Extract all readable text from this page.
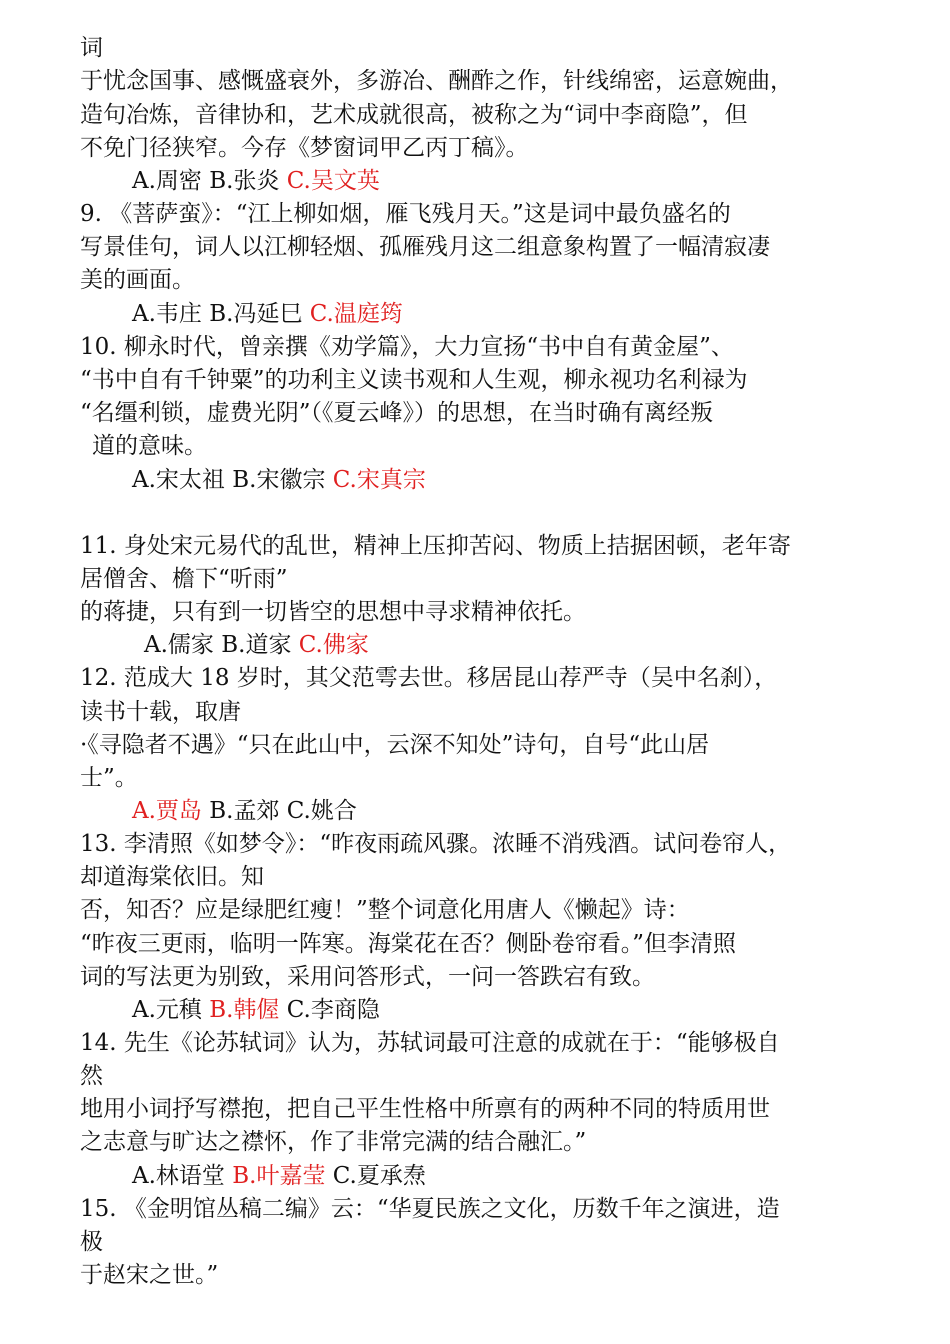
词
于忧念国事、感慨盛衰外，多游冶、酬酢之作，针线绵密，运意婉曲，
造句冶炼，音律协和，艺术成就很高，被称之为“词中李商隐”，但
不免门径狭窄。今存《梦窗词甲乙丙丁稿》。
A.周密 B.张炎 C.吴文英
9. 《菩萨蛮》：“江上柳如烟，雁飞残月天。”这是词中最负盛名的
写景佳句，词人以江柳轻烟、孤雁残月这二组意象构置了一幅清寂凄
美的画面。
A.韦庄 B.冯延巳 C.温庭筠
10. 柳永时代，曾亲撰《劝学篇》，大力宣扬“书中自有黄金屋”、
“书中自有千钟粟”的功利主义读书观和人生观，柳永视功名利禄为
“名缰利锁，虚费光阴”（《夏云峰》）的思想，在当时确有离经叛
道的意味。
A.宋太祖 B.宋徽宗 C.宋真宗
11. 身处宋元易代的乱世，精神上压抑苦闷、物质上拮据困顿，老年寄
居僧舍、檐下“听雨”
的蒋捷，只有到一切皆空的思想中寻求精神依托。
A.儒家 B.道家 C.佛家
12. 范成大 18 岁时，其父范雩去世。移居昆山荐严寺（吴中名刹），
读书十载，取唐
·《寻隐者不遇》“只在此山中，云深不知处”诗句，自号“此山居
士”。
A.贾岛 B.孟郊 C.姚合
13. 李清照《如梦令》：“昨夜雨疏风骤。浓睡不消残酒。试问卷帘人，
却道海棠依旧。知
否，知否？应是绿肥红瘦！”整个词意化用唐人《懒起》诗：
“昨夜三更雨，临明一阵寒。海棠花在否？侧卧卷帘看。”但李清照
词的写法更为别致，采用问答形式，一问一答跌宕有致。
A.元稹 B.韩偓 C.李商隐
14. 先生《论苏轼词》认为，苏轼词最可注意的成就在于：“能够极自
然
地用小词抒写襟抱，把自己平生性格中所禀有的两种不同的特质用世
之志意与旷达之襟怀，作了非常完满的结合融汇。”
A.林语堂 B.叶嘉莹 C.夏承焘
15. 《金明馆丛稿二编》云：“华夏民族之文化，历数千年之演进，造
极
于赵宋之世。”
